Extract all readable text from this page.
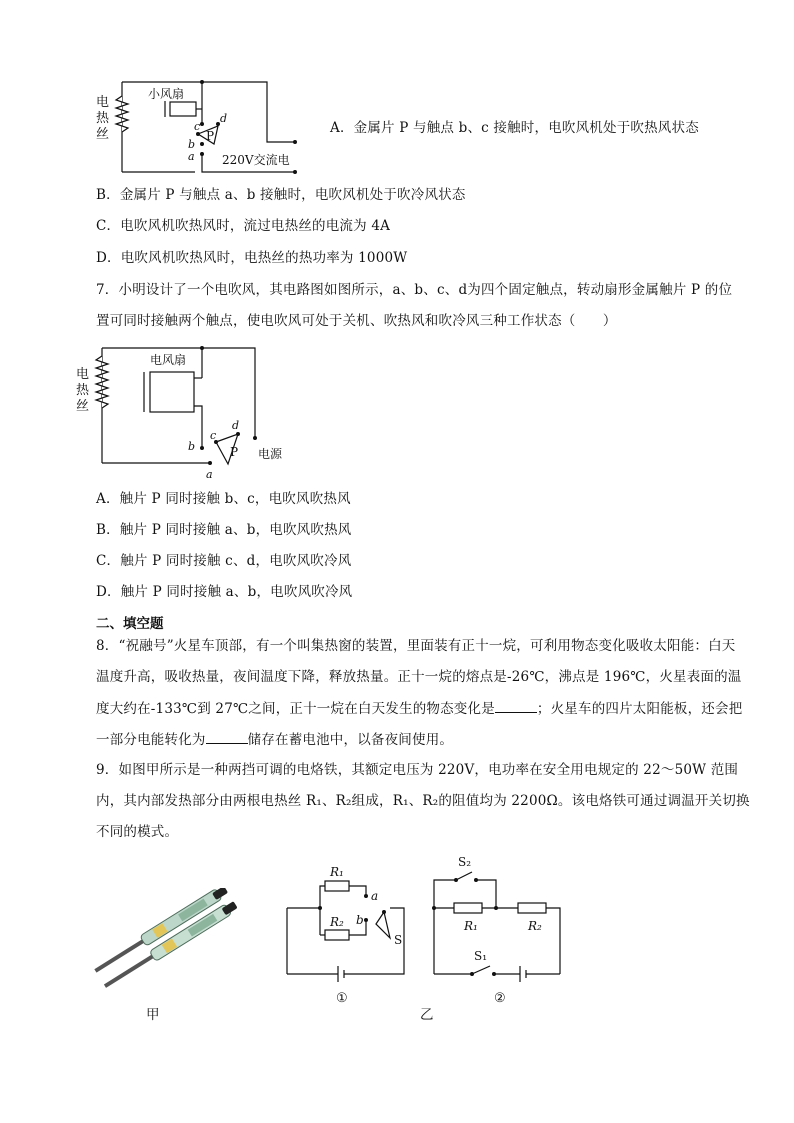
电
热
丝
小风扇
P
c
d
b
a 220V交流电
A．金属片 P 与触点 b、c 接触时，电吹风机处于吹热风状态
B．金属片 P 与触点 a、b 接触时，电吹风机处于吹冷风状态
C．电吹风机吹热风时，流过电热丝的电流为 4A
D．电吹风机吹热风时，电热丝的热功率为 1000W
7．小明设计了一个电吹风，其电路图如图所示，a、b、c、d为四个固定触点，转动扇形金属触片 P 的位
置可同时接触两个触点，使电吹风可处于关机、吹热风和吹冷风三种工作状态（　　）
电
热
丝
电风扇
P
c
d
b
a
电源
A．触片 P 同时接触 b、c，电吹风吹热风
B．触片 P 同时接触 a、b，电吹风吹热风
C．触片 P 同时接触 c、d，电吹风吹冷风
D．触片 P 同时接触 a、b，电吹风吹冷风
二、填空题
8．“祝融号”火星车顶部，有一个叫集热窗的装置，里面装有正十一烷，可利用物态变化吸收太阳能：白天
温度升高，吸收热量，夜间温度下降，释放热量。正十一烷的熔点是-26℃，沸点是 196℃，火星表面的温
度大约在-133℃到 27℃之间，正十一烷在白天发生的物态变化是	；火星车的四片太阳能板，还会把
一部分电能转化为	储存在蓄电池中，以备夜间使用。
9．如图甲所示是一种两挡可调的电烙铁，其额定电压为 220V，电功率在安全用电规定的 22～50W 范围
内，其内部发热部分由两根电热丝 R₁、R₂组成，R₁、R₂的阻值均为 2200Ω。该电烙铁可通过调温开关切换
不同的模式。
甲
R₁
R₂
a
b
S
①
S₂
R₁	R₂
S₁
②
乙
